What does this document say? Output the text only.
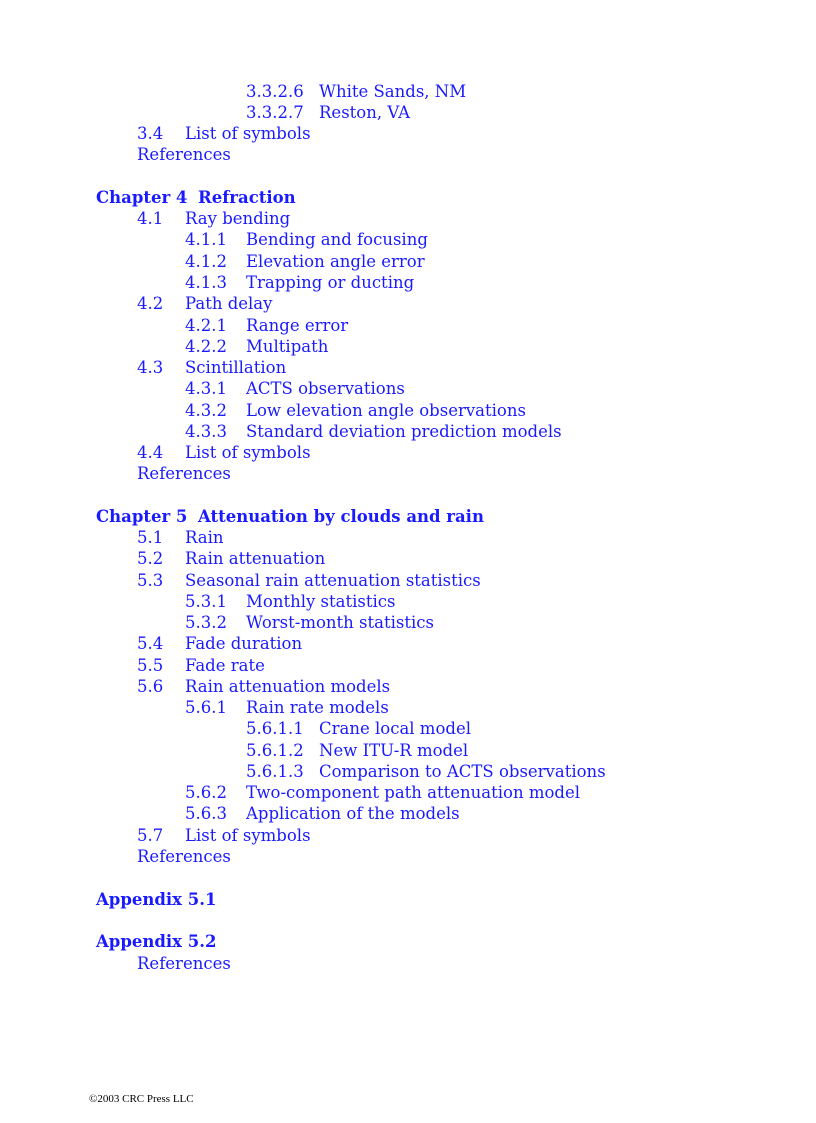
3.3.2.6 White Sands, NM
3.3.2.7 Reston, VA
3.4 List of symbols
References
Chapter 4 Refraction
4.1 Ray bending
4.1.1 Bending and focusing
4.1.2 Elevation angle error
4.1.3 Trapping or ducting
4.2 Path delay
4.2.1 Range error
4.2.2 Multipath
4.3 Scintillation
4.3.1 ACTS observations
4.3.2 Low elevation angle observations
4.3.3 Standard deviation prediction models
4.4 List of symbols
References
Chapter 5 Attenuation by clouds and rain
5.1 Rain
5.2 Rain attenuation
5.3 Seasonal rain attenuation statistics
5.3.1 Monthly statistics
5.3.2 Worst-month statistics
5.4 Fade duration
5.5 Fade rate
5.6 Rain attenuation models
5.6.1 Rain rate models
5.6.1.1 Crane local model
5.6.1.2 New ITU-R model
5.6.1.3 Comparison to ACTS observations
5.6.2 Two-component path attenuation model
5.6.3 Application of the models
5.7 List of symbols
References
Appendix 5.1
Appendix 5.2
References
©2003 CRC Press LLC
